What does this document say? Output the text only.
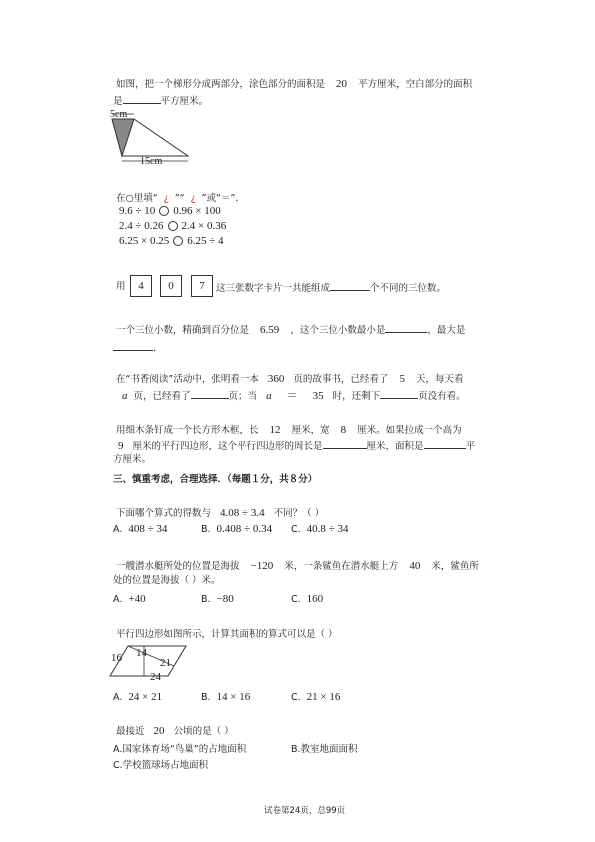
如图，把一个梯形分成两部分，涂色部分的面积是 20 平方厘米，空白部分的面积
是	平方厘米。
5cm
15cm
在○里填“ ¿ ”“ ¿ ”或“＝”．
9.6 ÷ 10 0.96 × 100
2.4 ÷ 0.26 2.4 × 0.36
6.25 × 0.25 6.25 ÷ 4
用	4	0	7	这三张数字卡片一共能组成	个不同的三位数。
一个三位小数，精确到百分位是 6.59 ，这个三位小数最小是	，最大是
．
在“书香阅读”活动中，张明看一本 360 页的故事书，已经看了 5 天，每天看
a 页，已经看了	页；当 a ＝ 35 时，还剩下	页没有看。
用细木条钉成一个长方形木框，长 12 厘米，宽 8 厘米。如果拉成一个高为
9 厘米的平行四边形，这个平行四边形的周长是	厘米，面积是	平
方厘米。
三、慎重考虑，合理选择．（每题１分，共８分）
下面哪个算式的得数与 4.08 ÷ 3.4 不同？（ ）
A. 408 ÷ 34	B. 0.408 ÷ 0.34 C. 40.8 ÷ 34
一艘潜水艇所处的位置是海拔 −120 米，一条鲨鱼在潜水艇上方 40 米，鲨鱼所
处的位置是海拔（ ）米。
A. +40	B. −80	C. 160
平行四边形如图所示，计算其面积的算式可以是（ ）
16 14
21
24
A. 24 × 21	B. 14 × 16	C. 21 × 16
最接近 20 公顷的是（ ）
A.国家体育场“鸟巢”的占地面积	B.教室地面面积
C.学校篮球场占地面积
试卷第24页，总99页
